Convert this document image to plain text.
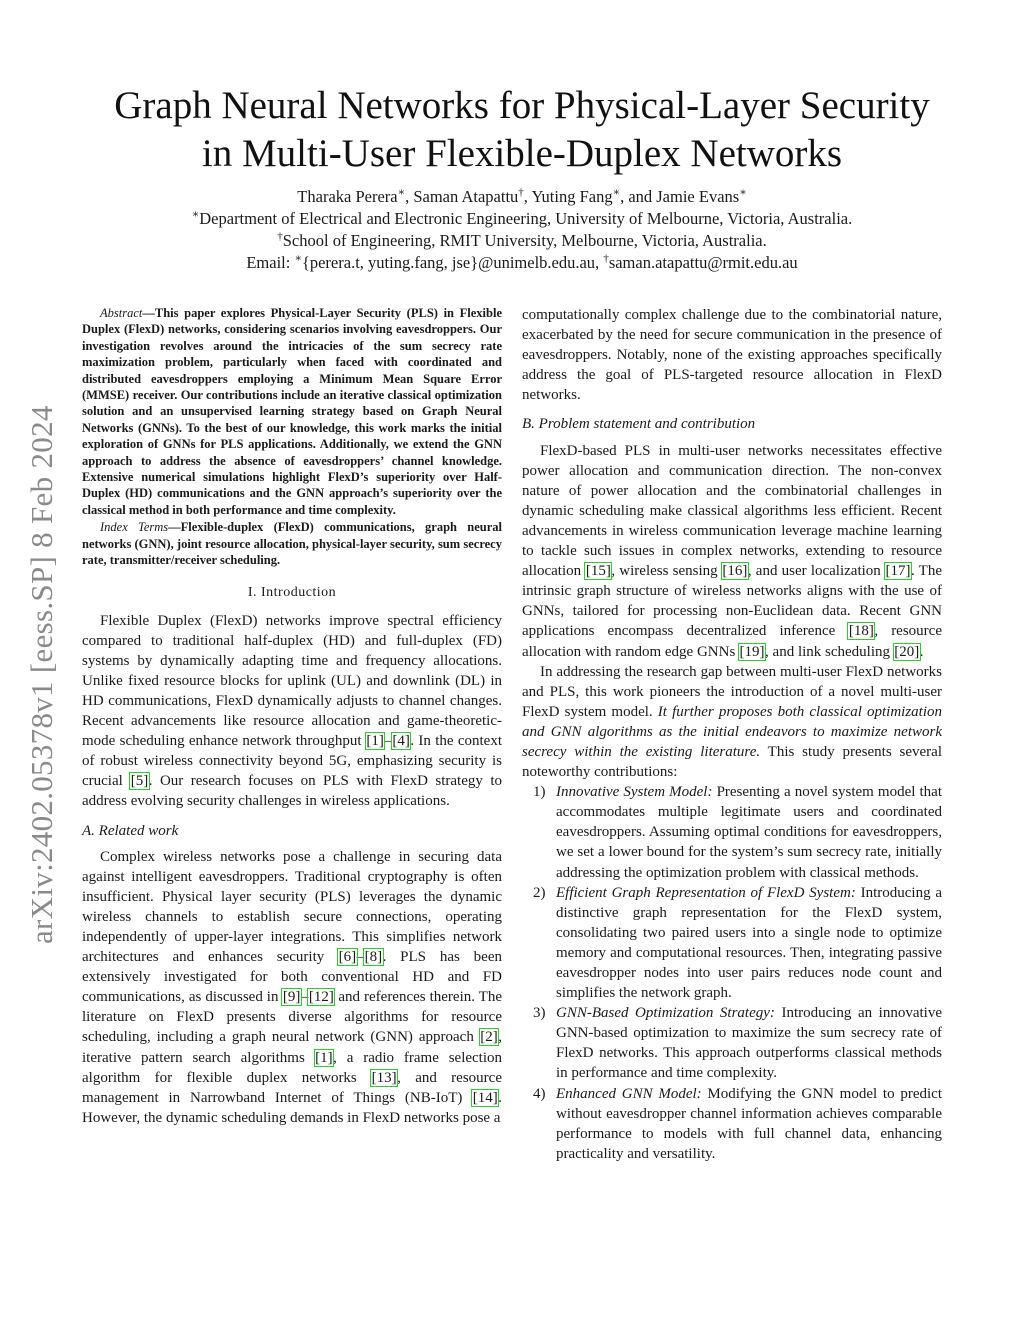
arXiv:2402.05378v1 [eess.SP] 8 Feb 2024
Graph Neural Networks for Physical-Layer Security
in Multi-User Flexible-Duplex Networks
Tharaka Perera∗, Saman Atapattu†, Yuting Fang∗, and Jamie Evans∗
∗Department of Electrical and Electronic Engineering, University of Melbourne, Victoria, Australia.
†School of Engineering, RMIT University, Melbourne, Victoria, Australia.
Email: ∗{perera.t, yuting.fang, jse}@unimelb.edu.au, †saman.atapattu@rmit.edu.au

Abstract—This paper explores Physical-Layer Security (PLS) in Flexible Duplex (FlexD) networks, considering scenarios involving eavesdroppers. Our investigation revolves around the intricacies of the sum secrecy rate maximization problem, particularly when faced with coordinated and distributed eavesdroppers employing a Minimum Mean Square Error (MMSE) receiver. Our contributions include an iterative classical optimization solution and an unsupervised learning strategy based on Graph Neural Networks (GNNs). To the best of our knowledge, this work marks the initial exploration of GNNs for PLS applications. Additionally, we extend the GNN approach to address the absence of eavesdroppers’ channel knowledge. Extensive numerical simulations highlight FlexD’s superiority over Half-Duplex (HD) communications and the GNN approach’s superiority over the classical method in both performance and time complexity.

Index Terms—Flexible-duplex (FlexD) communications, graph neural networks (GNN), joint resource allocation, physical-layer security, sum secrecy rate, transmitter/receiver scheduling.

I. Introduction

Flexible Duplex (FlexD) networks improve spectral efficiency compared to traditional half-duplex (HD) and full-duplex (FD) systems by dynamically adapting time and frequency allocations. Unlike fixed resource blocks for uplink (UL) and downlink (DL) in HD communications, FlexD dynamically adjusts to channel changes. Recent advancements like resource allocation and game-theoretic-mode scheduling enhance network throughput [1]–[4]. In the context of robust wireless connectivity beyond 5G, emphasizing security is crucial [5]. Our research focuses on PLS with FlexD strategy to address evolving security challenges in wireless applications.

A. Related work

Complex wireless networks pose a challenge in securing data against intelligent eavesdroppers. Traditional cryptography is often insufficient. Physical layer security (PLS) leverages the dynamic wireless channels to establish secure connections, operating independently of upper-layer integrations. This simplifies network architectures and enhances security [6]–[8]. PLS has been extensively investigated for both conventional HD and FD communications, as discussed in [9]–[12] and references therein. The literature on FlexD presents diverse algorithms for resource scheduling, including a graph neural network (GNN) approach [2], iterative pattern search algorithms [1], a radio frame selection algorithm for flexible duplex networks [13], and resource management in Narrowband Internet of Things (NB-IoT) [14]. However, the dynamic scheduling demands in FlexD networks pose a

computationally complex challenge due to the combinatorial nature, exacerbated by the need for secure communication in the presence of eavesdroppers. Notably, none of the existing approaches specifically address the goal of PLS-targeted resource allocation in FlexD networks.

B. Problem statement and contribution

FlexD-based PLS in multi-user networks necessitates effective power allocation and communication direction. The non-convex nature of power allocation and the combinatorial challenges in dynamic scheduling make classical algorithms less efficient. Recent advancements in wireless communication leverage machine learning to tackle such issues in complex networks, extending to resource allocation [15], wireless sensing [16], and user localization [17]. The intrinsic graph structure of wireless networks aligns with the use of GNNs, tailored for processing non-Euclidean data. Recent GNN applications encompass decentralized inference [18], resource allocation with random edge GNNs [19], and link scheduling [20].

In addressing the research gap between multi-user FlexD networks and PLS, this work pioneers the introduction of a novel multi-user FlexD system model. It further proposes both classical optimization and GNN algorithms as the initial endeavors to maximize network secrecy within the existing literature. This study presents several noteworthy contributions:

1) Innovative System Model: Presenting a novel system model that accommodates multiple legitimate users and coordinated eavesdroppers. Assuming optimal conditions for eavesdroppers, we set a lower bound for the system’s sum secrecy rate, initially addressing the optimization problem with classical methods.
2) Efficient Graph Representation of FlexD System: Introducing a distinctive graph representation for the FlexD system, consolidating two paired users into a single node to optimize memory and computational resources. Then, integrating passive eavesdropper nodes into user pairs reduces node count and simplifies the network graph.
3) GNN-Based Optimization Strategy: Introducing an innovative GNN-based optimization to maximize the sum secrecy rate of FlexD networks. This approach outperforms classical methods in performance and time complexity.
4) Enhanced GNN Model: Modifying the GNN model to predict without eavesdropper channel information achieves comparable performance to models with full channel data, enhancing practicality and versatility.
